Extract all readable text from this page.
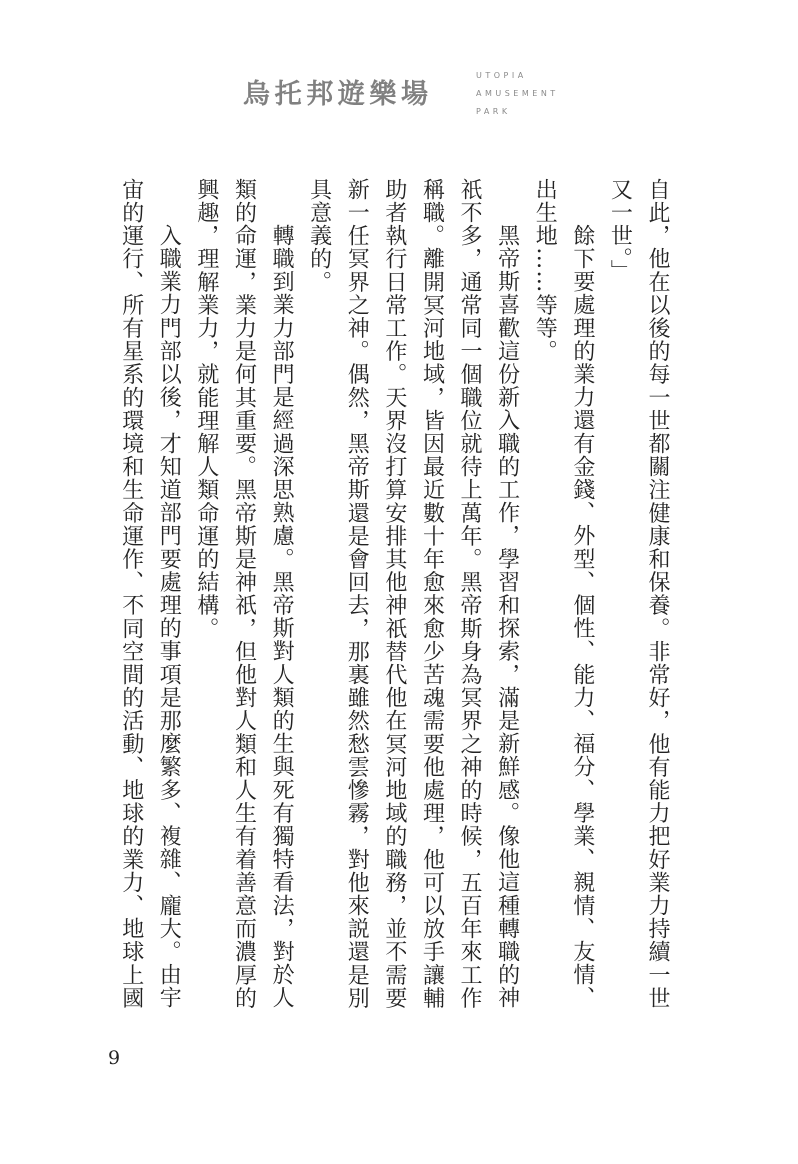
烏托邦遊樂場
UTOPIA
AMUSEMENT
PARK
自此，他在以後的每一世都關注健康和保養。非常好，他有能力把好業力持續一世
又一世。」
餘下要處理的業力還有金錢、外型、個性、能力、福分、學業、親情、友情、
出生地……等等。
黑帝斯喜歡這份新入職的工作，學習和探索，滿是新鮮感。像他這種轉職的神
祇不多，通常同一個職位就待上萬年。黑帝斯身為冥界之神的時候，五百年來工作
稱職。離開冥河地域，皆因最近數十年愈來愈少苦魂需要他處理，他可以放手讓輔
助者執行日常工作。天界沒打算安排其他神祇替代他在冥河地域的職務，並不需要
新一任冥界之神。偶然，黑帝斯還是會回去，那裏雖然愁雲慘霧，對他來説還是別
具意義的。
轉職到業力部門是經過深思熟慮。黑帝斯對人類的生與死有獨特看法，對於人
類的命運，業力是何其重要。黑帝斯是神祇，但他對人類和人生有着善意而濃厚的
興趣，理解業力，就能理解人類命運的結構。
入職業力門部以後，才知道部門要處理的事項是那麼繁多、複雜、龐大。由宇
宙的運行、所有星系的環境和生命運作、不同空間的活動、地球的業力、地球上國
9
